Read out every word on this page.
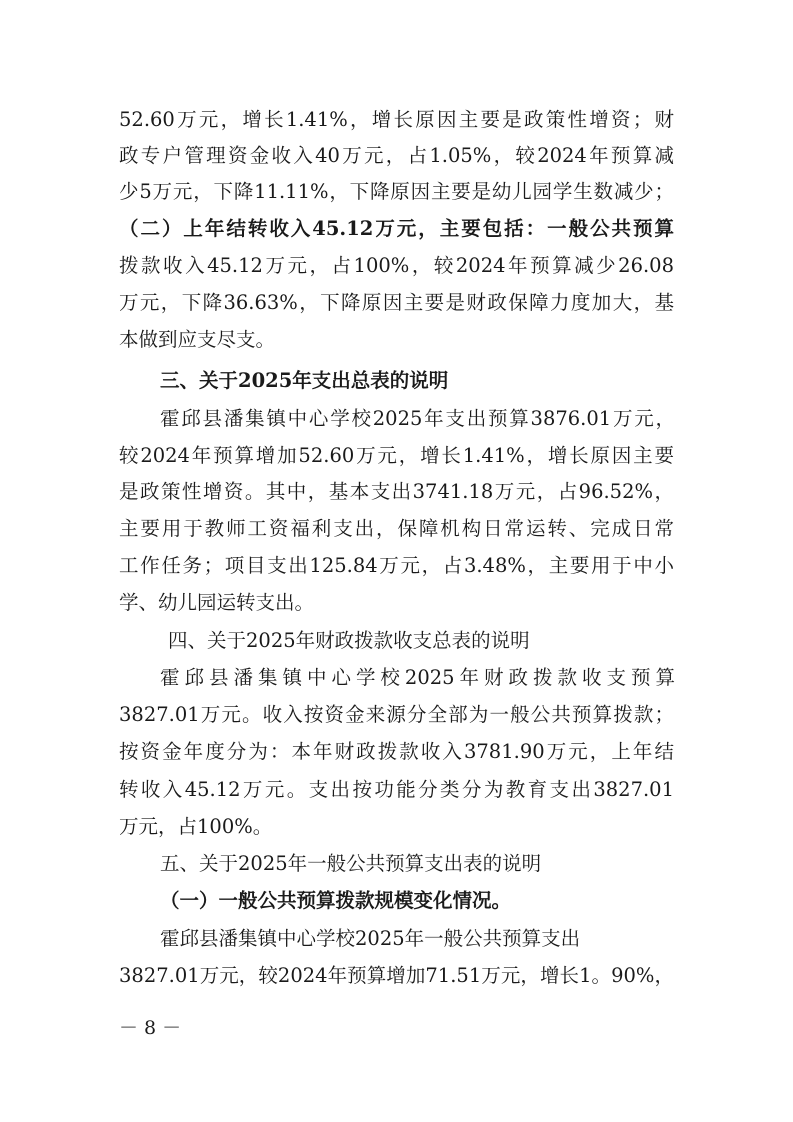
52.60万元，增长1.41%，增长原因主要是政策性增资；财
政专户管理资金收入40万元，占1.05%，较2024年预算减
少5万元，下降11.11%，下降原因主要是幼儿园学生数减少；
（二）上年结转收入45.12万元，主要包括：一般公共预算
拨款收入45.12万元，占100%，较2024年预算减少26.08
万元，下降36.63%，下降原因主要是财政保障力度加大，基
本做到应支尽支。
三、关于2025年支出总表的说明
霍邱县潘集镇中心学校2025年支出预算3876.01万元，
较2024年预算增加52.60万元，增长1.41%，增长原因主要
是政策性增资。其中，基本支出3741.18万元，占96.52%，
主要用于教师工资福利支出，保障机构日常运转、完成日常
工作任务；项目支出125.84万元，占3.48%，主要用于中小
学、幼儿园运转支出。
四、关于2025年财政拨款收支总表的说明
霍邱县潘集镇中心学校2025年财政拨款收支预算
3827.01万元。收入按资金来源分全部为一般公共预算拨款；
按资金年度分为：本年财政拨款收入3781.90万元，上年结
转收入45.12万元。支出按功能分类分为教育支出3827.01
万元，占100%。
五、关于2025年一般公共预算支出表的说明
（一）一般公共预算拨款规模变化情况。
霍邱县潘集镇中心学校2025年一般公共预算支出
3827.01万元，较2024年预算增加71.51万元，增长1。90%，
－ 8 －
